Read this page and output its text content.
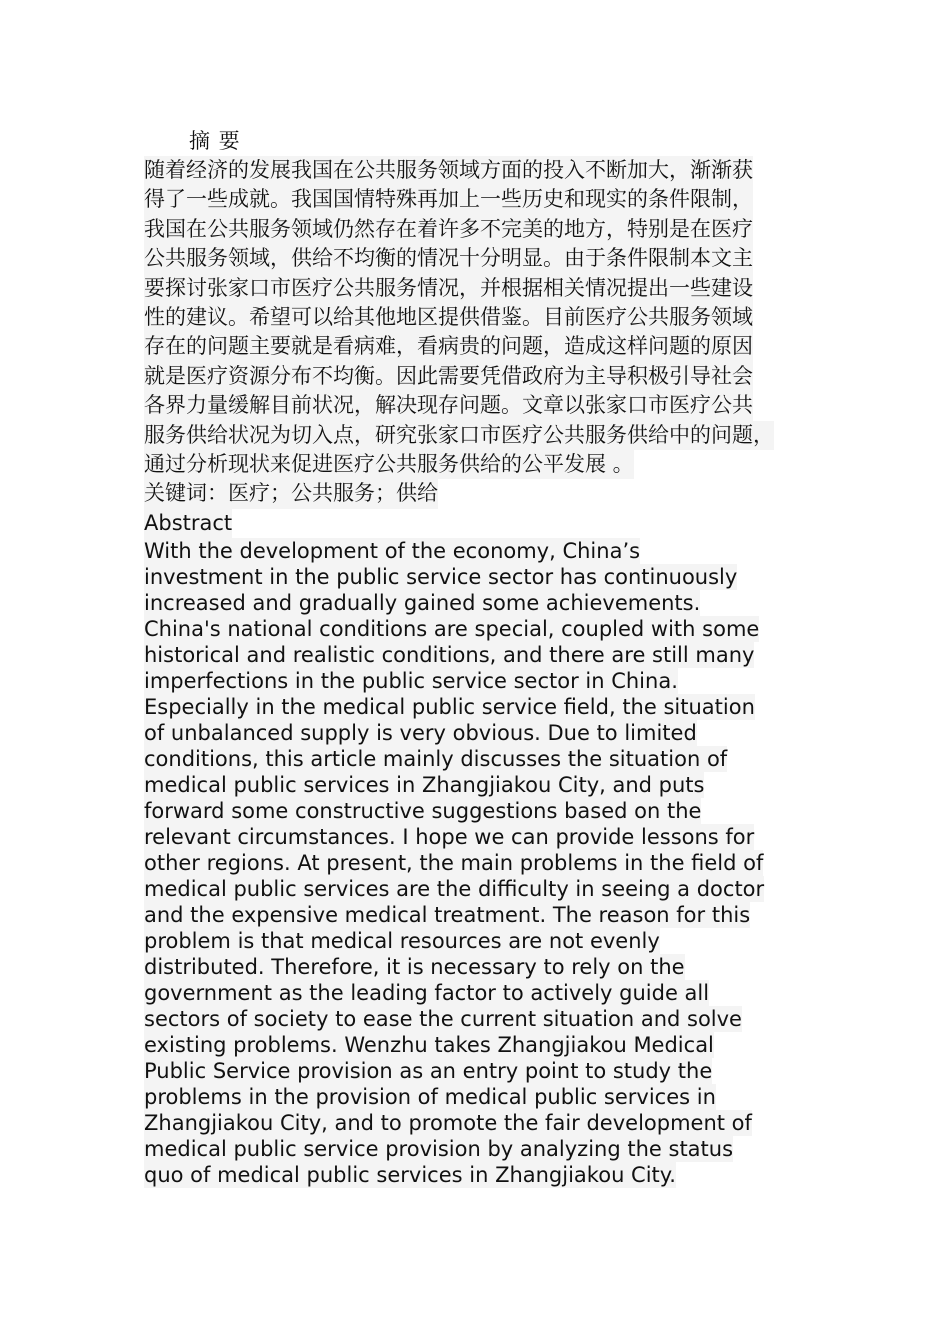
摘 要
随着经济的发展我国在公共服务领域方面的投入不断加大，渐渐获
得了一些成就。我国国情特殊再加上一些历史和现实的条件限制，
我国在公共服务领域仍然存在着许多不完美的地方，特别是在医疗
公共服务领域，供给不均衡的情况十分明显。由于条件限制本文主
要探讨张家口市医疗公共服务情况，并根据相关情况提出一些建设
性的建议。希望可以给其他地区提供借鉴。目前医疗公共服务领域
存在的问题主要就是看病难，看病贵的问题，造成这样问题的原因
就是医疗资源分布不均衡。因此需要凭借政府为主导积极引导社会
各界力量缓解目前状况，解决现存问题。文章以张家口市医疗公共
服务供给状况为切入点，研究张家口市医疗公共服务供给中的问题，
通过分析现状来促进医疗公共服务供给的公平发展 。
关键词：医疗；公共服务；供给
Abstract
With the development of the economy, China’s
investment in the public service sector has continuously
increased and gradually gained some achievements.
China's national conditions are special, coupled with some
historical and realistic conditions, and there are still many
imperfections in the public service sector in China.
Especially in the medical public service field, the situation
of unbalanced supply is very obvious. Due to limited
conditions, this article mainly discusses the situation of
medical public services in Zhangjiakou City, and puts
forward some constructive suggestions based on the
relevant circumstances. I hope we can provide lessons for
other regions. At present, the main problems in the field of
medical public services are the difficulty in seeing a doctor
and the expensive medical treatment. The reason for this
problem is that medical resources are not evenly
distributed. Therefore, it is necessary to rely on the
government as the leading factor to actively guide all
sectors of society to ease the current situation and solve
existing problems. Wenzhu takes Zhangjiakou Medical
Public Service provision as an entry point to study the
problems in the provision of medical public services in
Zhangjiakou City, and to promote the fair development of
medical public service provision by analyzing the status
quo of medical public services in Zhangjiakou City.
